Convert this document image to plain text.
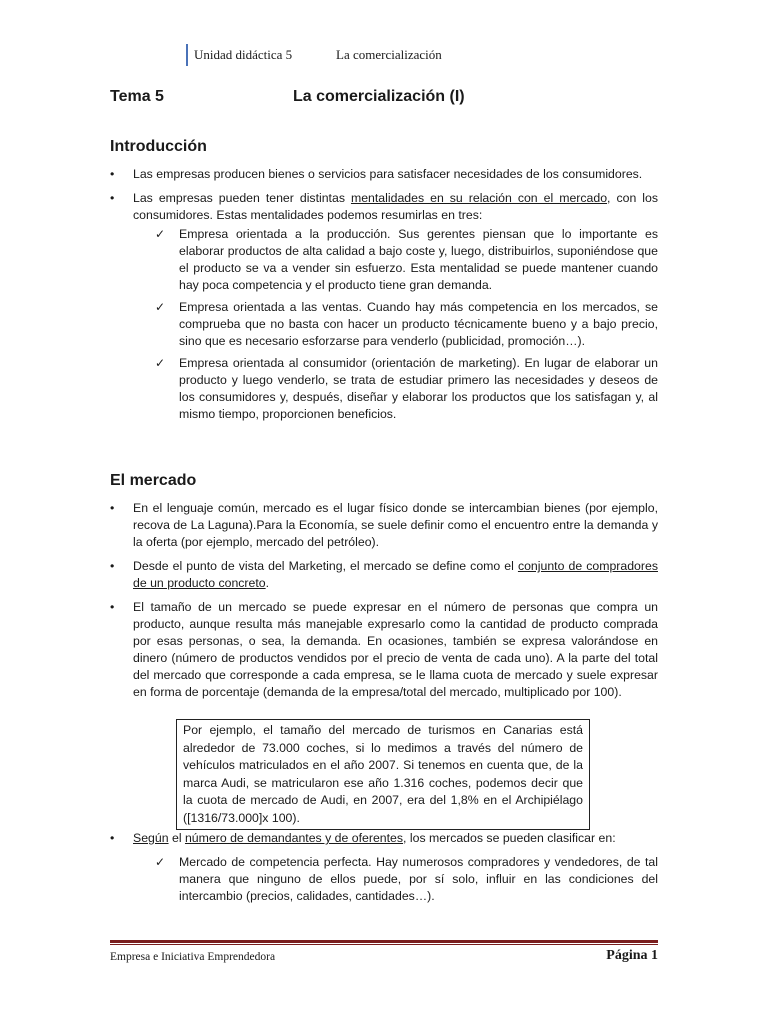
Unidad didáctica 5	La comercialización
Tema 5	La comercialización (I)
Introducción

• Las empresas producen bienes o servicios para satisfacer necesidades de los consumidores.

• Las empresas pueden tener distintas mentalidades en su relación con el mercado, con los consumidores. Estas mentalidades podemos resumirlas en tres:

✓ Empresa orientada a la producción. Sus gerentes piensan que lo importante es elaborar productos de alta calidad a bajo coste y, luego, distribuirlos, suponiéndose que el producto se va a vender sin esfuerzo. Esta mentalidad se puede mantener cuando hay poca competencia y el producto tiene gran demanda.

✓ Empresa orientada a las ventas. Cuando hay más competencia en los mercados, se comprueba que no basta con hacer un producto técnicamente bueno y a bajo precio, sino que es necesario esforzarse para venderlo (publicidad, promoción…).

✓ Empresa orientada al consumidor (orientación de marketing). En lugar de elaborar un producto y luego venderlo, se trata de estudiar primero las necesidades y deseos de los consumidores y, después, diseñar y elaborar los productos que los satisfagan y, al mismo tiempo, proporcionen beneficios.

El mercado

• En el lenguaje común, mercado es el lugar físico donde se intercambian bienes (por ejemplo, recova de La Laguna).Para la Economía, se suele definir como el encuentro entre la demanda y la oferta (por ejemplo, mercado del petróleo).

• Desde el punto de vista del Marketing, el mercado se define como el conjunto de compradores de un producto concreto.

• El tamaño de un mercado se puede expresar en el número de personas que compra un producto, aunque resulta más manejable expresarlo como la cantidad de producto comprada por esas personas, o sea, la demanda. En ocasiones, también se expresa valorándose en dinero (número de productos vendidos por el precio de venta de cada uno). A la parte del total del mercado que corresponde a cada empresa, se le llama cuota de mercado y suele expresar en forma de porcentaje (demanda de la empresa/total del mercado, multiplicado por 100).

Por ejemplo, el tamaño del mercado de turismos en Canarias está alrededor de 73.000 coches, si lo medimos a través del número de vehículos matriculados en el año 2007. Si tenemos en cuenta que, de la marca Audi, se matricularon ese año 1.316 coches, podemos decir que la cuota de mercado de Audi, en 2007, era del 1,8% en el Archipiélago ([1316/73.000]x 100).

• Según el número de demandantes y de oferentes, los mercados se pueden clasificar en:

✓ Mercado de competencia perfecta. Hay numerosos compradores y vendedores, de tal manera que ninguno de ellos puede, por sí solo, influir en las condiciones del intercambio (precios, calidades, cantidades…).

Empresa e Iniciativa Emprendedora	Página 1
